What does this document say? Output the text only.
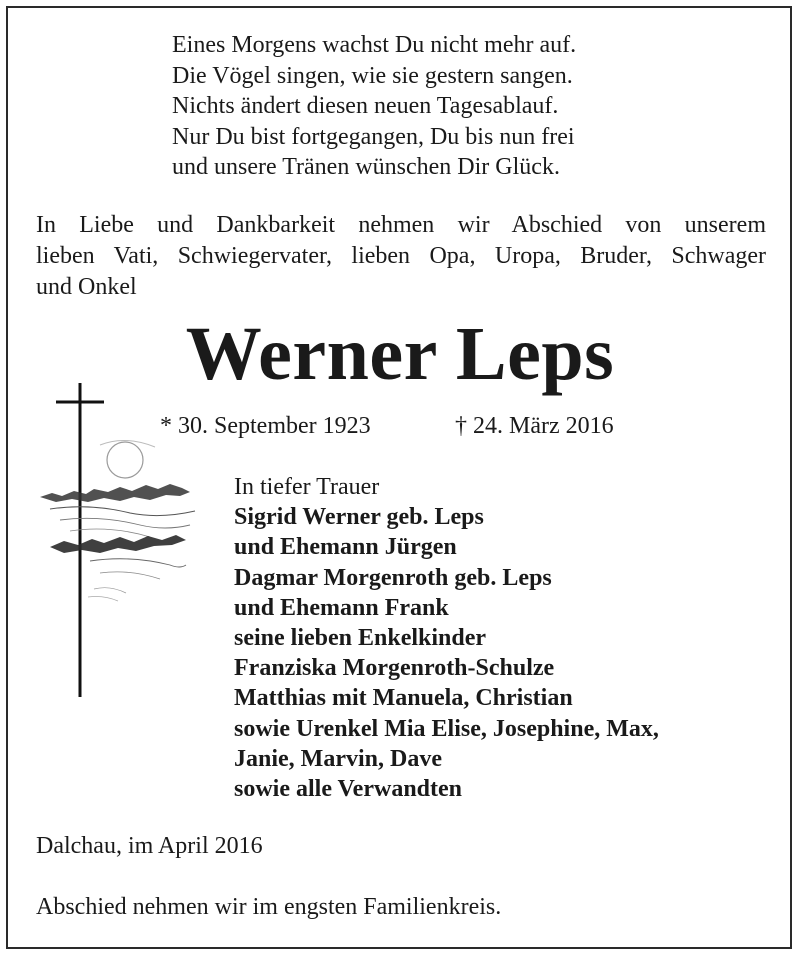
Eines Morgens wachst Du nicht mehr auf.
Die Vögel singen, wie sie gestern sangen.
Nichts ändert diesen neuen Tagesablauf.
Nur Du bist fortgegangen, Du bis nun frei
und unsere Tränen wünschen Dir Glück.
In Liebe und Dankbarkeit nehmen wir Abschied von unserem
lieben Vati, Schwiegervater, lieben Opa, Uropa, Bruder, Schwager
und Onkel
Werner Leps
* 30. September 1923	† 24. März 2016
In tiefer Trauer
Sigrid Werner geb. Leps
und Ehemann Jürgen
Dagmar Morgenroth geb. Leps
und Ehemann Frank
seine lieben Enkelkinder
Franziska Morgenroth-Schulze
Matthias mit Manuela, Christian
sowie Urenkel Mia Elise, Josephine, Max,
Janie, Marvin, Dave
sowie alle Verwandten
Dalchau, im April 2016
Abschied nehmen wir im engsten Familienkreis.
